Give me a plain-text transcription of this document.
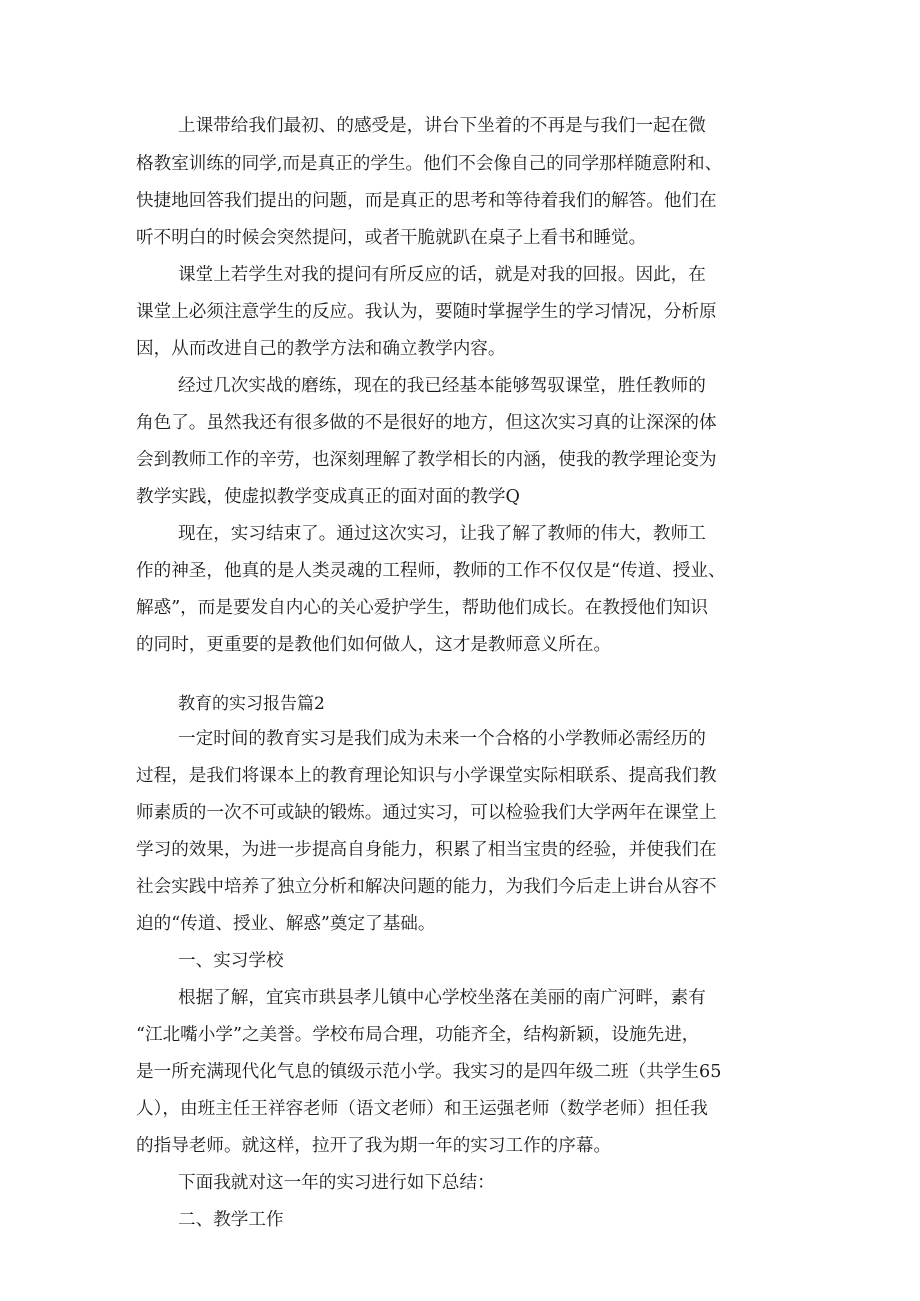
上课带给我们最初、的感受是，讲台下坐着的不再是与我们一起在微
格教室训练的同学,而是真正的学生。他们不会像自己的同学那样随意附和、
快捷地回答我们提出的问题，而是真正的思考和等待着我们的解答。他们在
听不明白的时候会突然提问，或者干脆就趴在桌子上看书和睡觉。
课堂上若学生对我的提问有所反应的话，就是对我的回报。因此，在
课堂上必须注意学生的反应。我认为，要随时掌握学生的学习情况，分析原
因，从而改进自己的教学方法和确立教学内容。
经过几次实战的磨练，现在的我已经基本能够驾驭课堂，胜任教师的
角色了。虽然我还有很多做的不是很好的地方，但这次实习真的让深深的体
会到教师工作的辛劳，也深刻理解了教学相长的内涵，使我的教学理论变为
教学实践，使虚拟教学变成真正的面对面的教学Q
现在，实习结束了。通过这次实习，让我了解了教师的伟大，教师工
作的神圣，他真的是人类灵魂的工程师，教师的工作不仅仅是“传道、授业、
解惑”，而是要发自内心的关心爱护学生，帮助他们成长。在教授他们知识
的同时，更重要的是教他们如何做人，这才是教师意义所在。
教育的实习报告篇2
一定时间的教育实习是我们成为未来一个合格的小学教师必需经历的
过程，是我们将课本上的教育理论知识与小学课堂实际相联系、提高我们教
师素质的一次不可或缺的锻炼。通过实习，可以检验我们大学两年在课堂上
学习的效果，为进一步提高自身能力，积累了相当宝贵的经验，并使我们在
社会实践中培养了独立分析和解决问题的能力，为我们今后走上讲台从容不
迫的“传道、授业、解惑”奠定了基础。
一、实习学校
根据了解，宜宾市珙县孝儿镇中心学校坐落在美丽的南广河畔，素有
“江北嘴小学”之美誉。学校布局合理，功能齐全，结构新颖，设施先进，
是一所充满现代化气息的镇级示范小学。我实习的是四年级二班（共学生65
人），由班主任王祥容老师（语文老师）和王运强老师（数学老师）担任我
的指导老师。就这样，拉开了我为期一年的实习工作的序幕。
下面我就对这一年的实习进行如下总结：
二、教学工作
